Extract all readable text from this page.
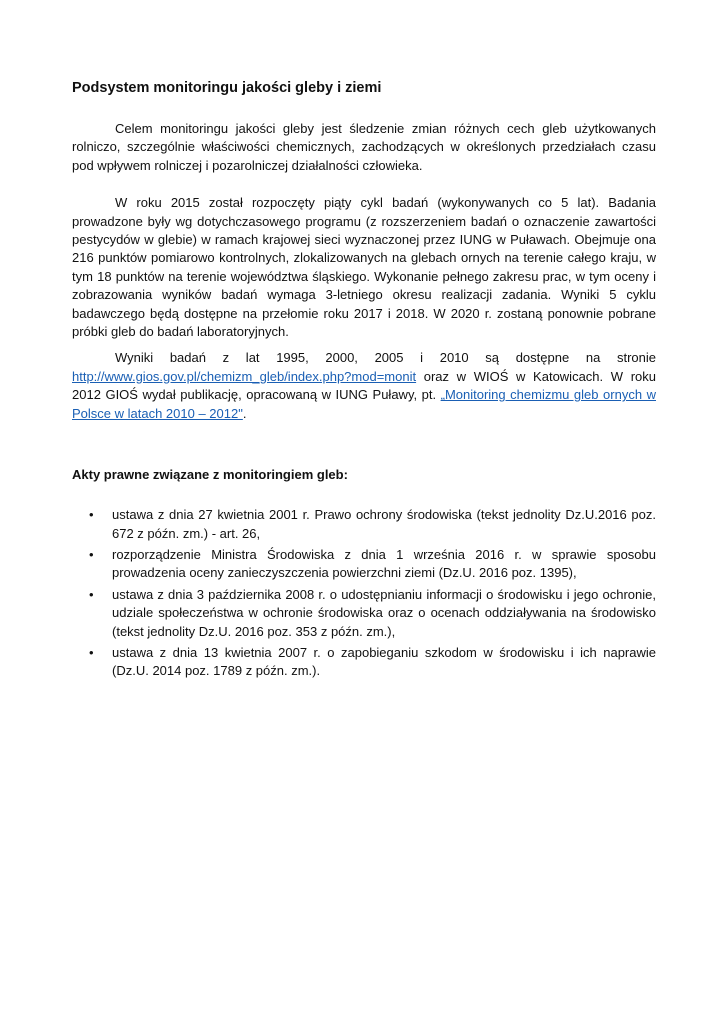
Podsystem monitoringu jakości gleby i ziemi

Celem monitoringu jakości gleby jest śledzenie zmian różnych cech gleb użytkowanych rolniczo, szczególnie właściwości chemicznych, zachodzących w określonych przedziałach czasu pod wpływem rolniczej i pozarolniczej działalności człowieka.

W roku 2015 został rozpoczęty piąty cykl badań (wykonywanych co 5 lat). Badania prowadzone były wg dotychczasowego programu (z rozszerzeniem badań o oznaczenie zawartości pestycydów w glebie) w ramach krajowej sieci wyznaczonej przez IUNG w Puławach. Obejmuje ona 216 punktów pomiarowo kontrolnych, zlokalizowanych na glebach ornych na terenie całego kraju, w tym 18 punktów na terenie województwa śląskiego. Wykonanie pełnego zakresu prac, w tym oceny i zobrazowania wyników badań wymaga 3-letniego okresu realizacji zadania. Wyniki 5 cyklu badawczego będą dostępne na przełomie roku 2017 i 2018. W 2020 r. zostaną ponownie pobrane próbki gleb do badań laboratoryjnych.

Wyniki badań z lat 1995, 2000, 2005 i 2010 są dostępne na stronie http://www.gios.gov.pl/chemizm_gleb/index.php?mod=monit oraz w WIOŚ w Katowicach. W roku 2012 GIOŚ wydał publikację, opracowaną w IUNG Puławy, pt. „Monitoring chemizmu gleb ornych w Polsce w latach 2010 – 2012".

Akty prawne związane z monitoringiem gleb:

• ustawa z dnia 27 kwietnia 2001 r. Prawo ochrony środowiska (tekst jednolity Dz.U.2016 poz. 672 z późn. zm.) - art. 26,
• rozporządzenie Ministra Środowiska z dnia 1 września 2016 r. w sprawie sposobu prowadzenia oceny zanieczyszczenia powierzchni ziemi (Dz.U. 2016 poz. 1395),
• ustawa z dnia 3 października 2008 r. o udostępnianiu informacji o środowisku i jego ochronie, udziale społeczeństwa w ochronie środowiska oraz o ocenach oddziaływania na środowisko (tekst jednolity Dz.U. 2016 poz. 353 z późn. zm.),
• ustawa z dnia 13 kwietnia 2007 r. o zapobieganiu szkodom w środowisku i ich naprawie (Dz.U. 2014 poz. 1789 z późn. zm.).
